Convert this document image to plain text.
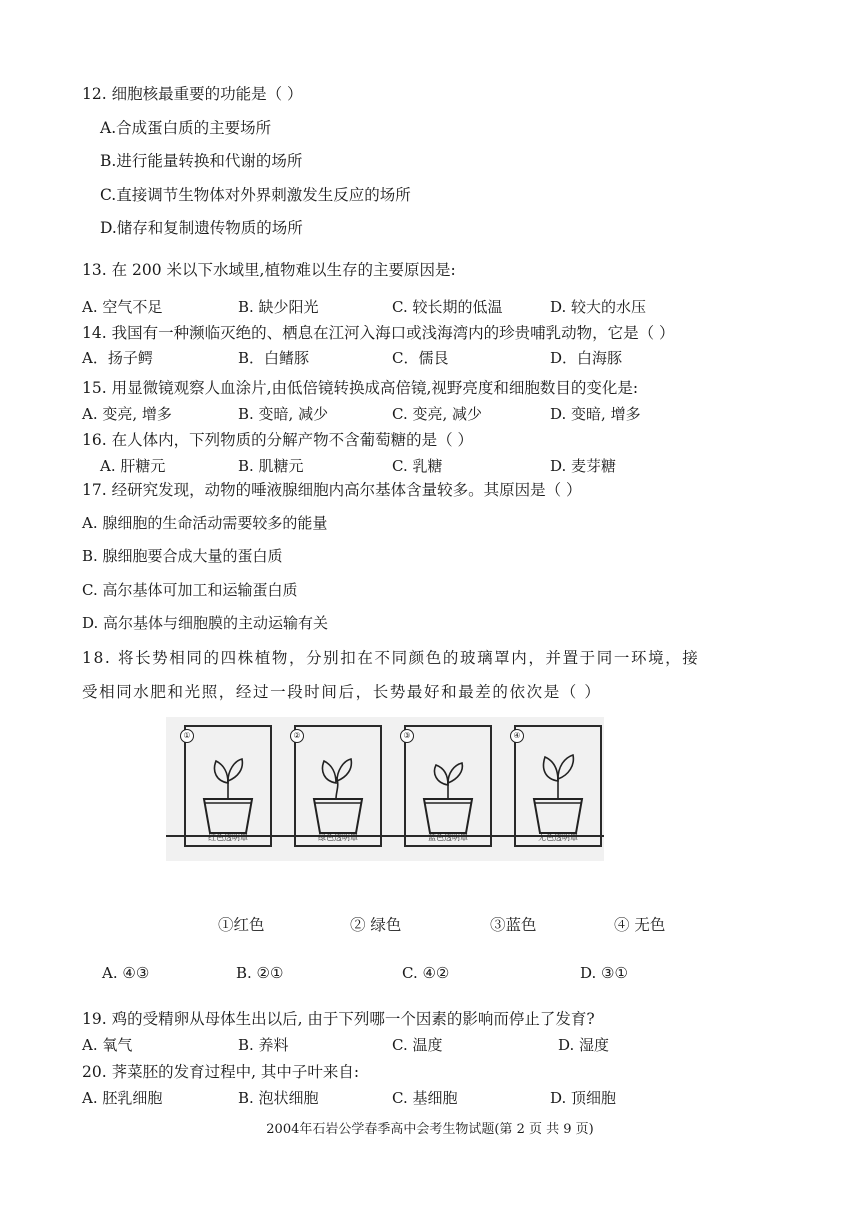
12. 细胞核最重要的功能是（ ）
A.合成蛋白质的主要场所
B.进行能量转换和代谢的场所
C.直接调节生物体对外界刺激发生反应的场所
D.储存和复制遗传物质的场所
13. 在 200 米以下水域里,植物难以生存的主要原因是:
A. 空气不足	B. 缺少阳光	C. 较长期的低温	D. 较大的水压
14. 我国有一种濒临灭绝的、栖息在江河入海口或浅海湾内的珍贵哺乳动物，它是（ ）
A．扬子鳄	B．白鳍豚	C．儒艮	D．白海豚
15. 用显微镜观察人血涂片,由低倍镜转换成高倍镜,视野亮度和细胞数目的变化是:
A. 变亮, 增多	B. 变暗, 减少	C. 变亮, 减少	D. 变暗, 增多
16. 在人体内，下列物质的分解产物不含葡萄糖的是（ ）
A. 肝糖元	B. 肌糖元	C. 乳糖	D. 麦芽糖
17. 经研究发现，动物的唾液腺细胞内高尔基体含量较多。其原因是（ ）
A. 腺细胞的生命活动需要较多的能量
B. 腺细胞要合成大量的蛋白质
C. 高尔基体可加工和运输蛋白质
D. 高尔基体与细胞膜的主动运输有关
18. 将长势相同的四株植物，分别扣在不同颜色的玻璃罩内，并置于同一环境，接
受相同水肥和光照，经过一段时间后，长势最好和最差的依次是（ ）
①
红色透明罩
②
绿色透明罩
③
蓝色透明罩
④
无色透明罩
①红色	② 绿色	③蓝色	④ 无色
A. ④③	B. ②①	C. ④②	D. ③①
19. 鸡的受精卵从母体生出以后, 由于下列哪一个因素的影响而停止了发育?
A. 氧气	B. 养料	C. 温度	D. 湿度
20. 荠菜胚的发育过程中, 其中子叶来自:
A. 胚乳细胞	B. 泡状细胞	C. 基细胞	D. 顶细胞
2004年石岩公学春季高中会考生物试题(第 2 页 共 9 页)
